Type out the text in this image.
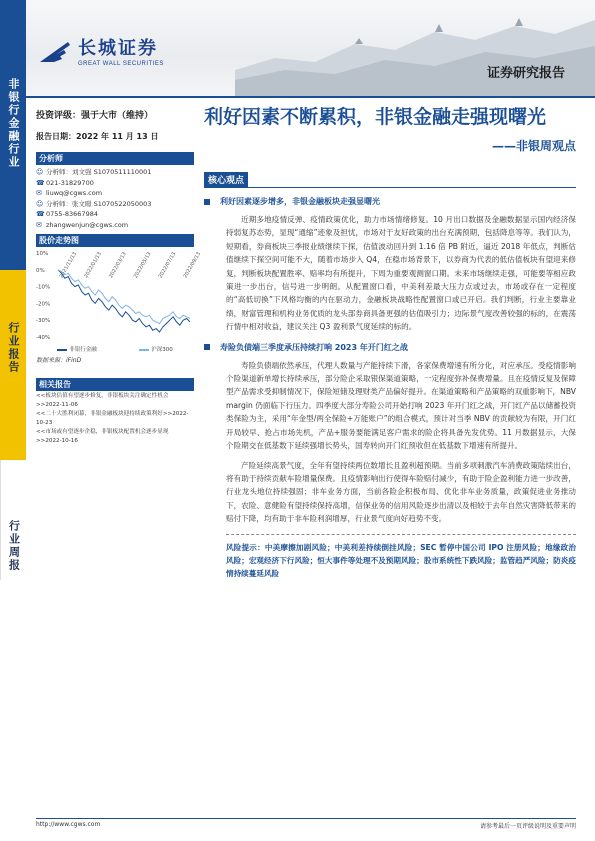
非银行金融行业
行业报告
行业周报
长城证券
GREAT WALL SECURITIES
证券研究报告
投资评级：强于大市（维持）
报告日期：2022 年 11 月 13 日
分析师
☺ 分析师：刘文强 S1070511110001
☎ 021-31829700
✉ liuwq@cgws.com
☺ 分析师：张文暻 S1070522050003
☎ 0755-83667984
✉ zhangwenjun@cgws.com
股价走势图
10%
0%
-10%
-20%
-30%
-40%
2021/11/13 2022/01/13 2022/03/13 2022/05/13 2022/07/13 2022/09/13
非银行金融	沪深300
数据来源：iFinD
相关报告
<<板块估值有望逐步修复，非银板块关注确定性机会>>2022-11-06
<<二十大胜利闭幕，非银金融板块迎持续政策利好>>2022-10-23
<<市场或有望逐步企稳，非银板块配置机会逐步显现>>2022-10-16
利好因素不断累积，非银金融走强现曙光
——非银周观点
核心观点
利好因素逐步增多，非银金融板块走强显曙光

近期多地疫情反弹、疫情政策优化，助力市场情绪修复。10 月出口数据及金融数据显示国内经济保持弱复苏态势，显现“通缩”迹象及担忧，市场对于友好政策的出台充满预期，包括降息等等。我们认为，短期看，券商板块三季报业绩继续下探，估值波动回升到 1.16 倍 PB 附近，逼近 2018 年低点，判断估值继续下探空间可能不大，随着市场步入 Q4，在稳市场背景下，以券商为代表的低估值板块有望迎来修复，判断板块配置胜率、赔率均有所提升，下周为重要观测窗口期。未来市场继续走强，可能要等相应政策进一步出台，信号进一步明朗。从配置窗口看，中美利差最大压力点或过去，市场或存在一定程度的“高低切换”下风格均衡的内在驱动力，金融板块战略性配置窗口或已开启。我们判断，行业主要靠业绩，财富管理和机构业务优质的龙头部券商具备更强的估值吸引力；边际景气度改善较强的标的，在震荡行情中相对收益，建议关注 Q3 盈利景气度延续的标的。

寿险负债端三季度承压持续打响 2023 年开门红之战

寿险负债端依然承压，代理人数量与产能持续下滑，各家保费增速有所分化，对应承压。受疫情影响个险渠道新单增长持续承压，部分险企采取银保渠道策略，一定程度弥补保费增量。且在疫情反复及保障型产品需求受抑制情况下，保险短储及理财类产品偏好提升。在渠道策略和产品策略的双重影响下，NBV margin 仍面临下行压力。四季度大部分寿险公司开始打响 2023 年开门红之战，开门红产品以储蓄投资类保险为主，采用“年金型/两全保险+万能账户”的组合模式，预计对当季 NBV 的贡献较为有限，开门红开局较早、抢占市场先机，产品+服务要能满足客户需求的险企将具备先发优势。11 月数据显示，大保个险期交在低基数下延续强增长势头，国寿转向开门红预收但在低基数下增速有所提升。

产险延续高景气度，全年有望持续两位数增长且盈利超预期。当前多项刺激汽车消费政策陆续出台，将有助于持续贡献车险增量保费。且疫情影响出行使得车险赔付减少，有助于险企盈利能力进一步改善，行业龙头地位持续强固；非车业务方面，当前各险企积极布局、优化非车业务质量，政策促进业务推动下，农险、意健险有望持续保持高增，信保业务的信用风险逐步出清以及相较于去年自然灾害降低带来的赔付下降，均有助于非车险利润增厚，行业景气度向好趋势不变。

风险提示：中美摩擦加剧风险；中美利差持续倒挂风险；SEC 暂停中国公司 IPO 注册风险；地缘政治风险；宏观经济下行风险；恒大事件等处理不及预期风险；股市系统性下跌风险；监管趋严风险；防炎疫情持续蔓延风险

http://www.cgws.com	请参考最后一页评级说明及重要声明
